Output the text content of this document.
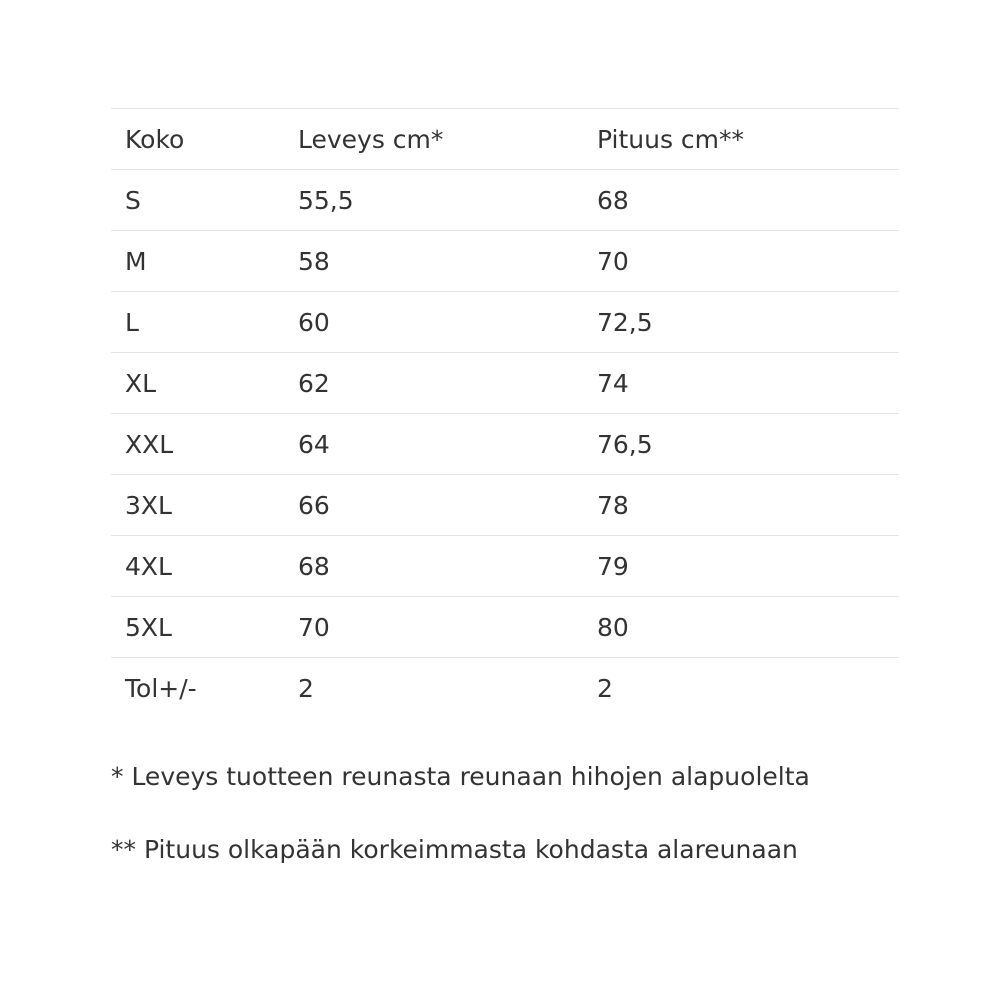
Koko	Leveys cm*	Pituus cm**
S	55,5	68
M	58	70
L	60	72,5
XL	62	74
XXL	64	76,5
3XL	66	78
4XL	68	79
5XL	70	80
Tol+/-	2	2
* Leveys tuotteen reunasta reunaan hihojen alapuolelta
** Pituus olkapään korkeimmasta kohdasta alareunaan
